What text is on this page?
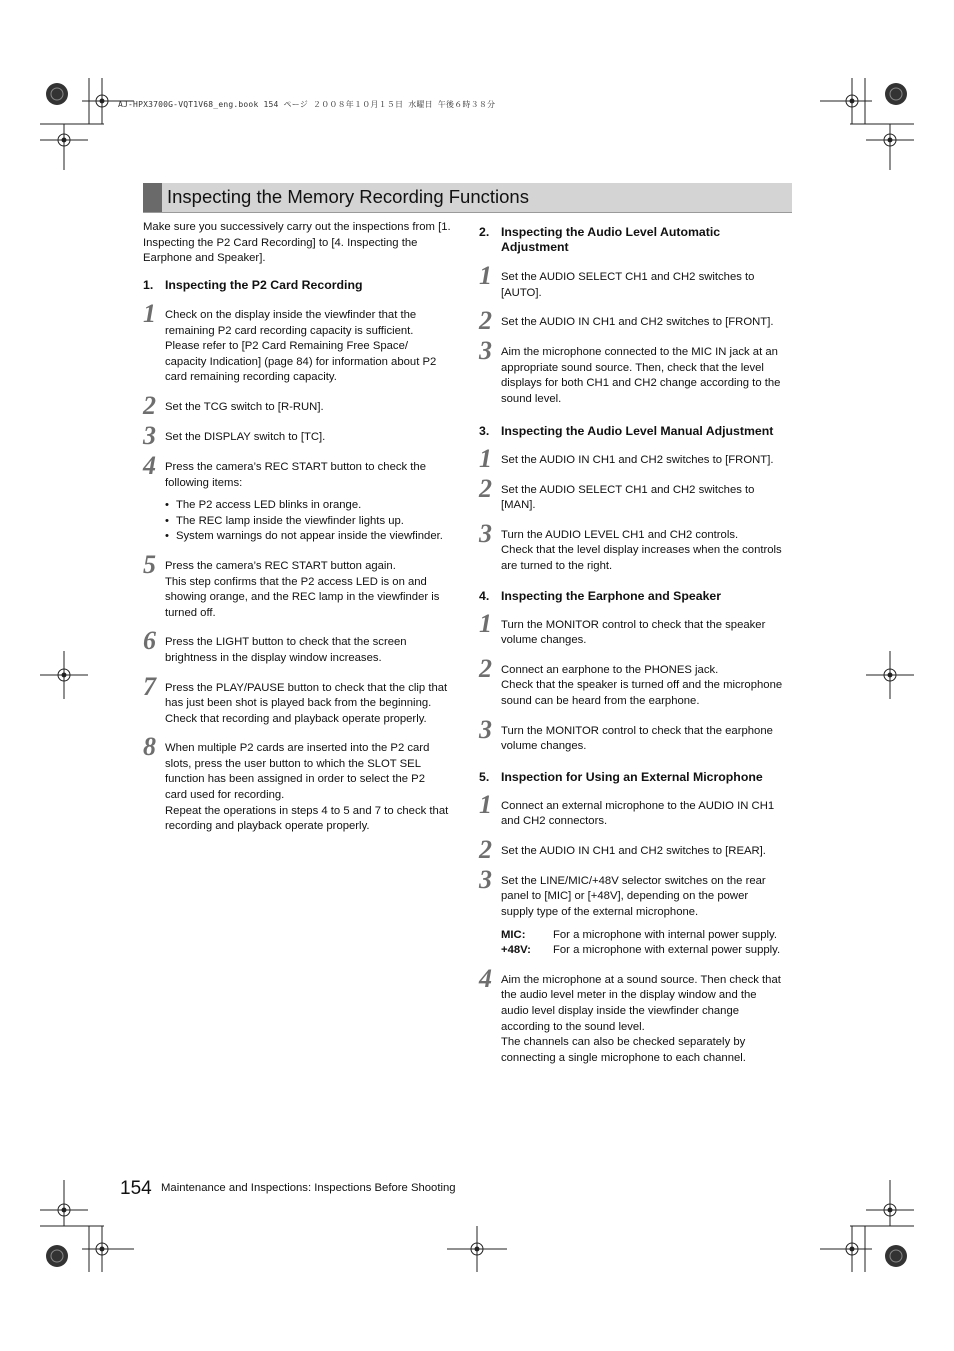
AJ-HPX3700G-VQT1V68_eng.book 154 ページ ２００８年１０月１５日 水曜日 午後６時３８分
Inspecting the Memory Recording Functions
Make sure you successively carry out the inspections from [1. Inspecting the P2 Card Recording] to [4. Inspecting the Earphone and Speaker].
1. Inspecting the P2 Card Recording
1 Check on the display inside the viewfinder that the
remaining P2 card recording capacity is sufficient.
Please refer to [P2 Card Remaining Free Space/
capacity Indication] (page 84) for information about P2
card remaining recording capacity.
2 Set the TCG switch to [R-RUN].
3 Set the DISPLAY switch to [TC].
4 Press the camera’s REC START button to check the
following items:
• The P2 access LED blinks in orange.
• The REC lamp inside the viewfinder lights up.
• System warnings do not appear inside the viewfinder.
5 Press the camera’s REC START button again.
This step confirms that the P2 access LED is on and
showing orange, and the REC lamp in the viewfinder is
turned off.
6 Press the LIGHT button to check that the screen
brightness in the display window increases.
7 Press the PLAY/PAUSE button to check that the clip that
has just been shot is played back from the beginning.
Check that recording and playback operate properly.
8 When multiple P2 cards are inserted into the P2 card
slots, press the user button to which the SLOT SEL
function has been assigned in order to select the P2
card used for recording.
Repeat the operations in steps 4 to 5 and 7 to check that
recording and playback operate properly.
2. Inspecting the Audio Level Automatic
Adjustment
1 Set the AUDIO SELECT CH1 and CH2 switches to
[AUTO].
2 Set the AUDIO IN CH1 and CH2 switches to [FRONT].
3 Aim the microphone connected to the MIC IN jack at an
appropriate sound source. Then, check that the level
displays for both CH1 and CH2 change according to the
sound level.
3. Inspecting the Audio Level Manual Adjustment
1 Set the AUDIO IN CH1 and CH2 switches to [FRONT].
2 Set the AUDIO SELECT CH1 and CH2 switches to
[MAN].
3 Turn the AUDIO LEVEL CH1 and CH2 controls.
Check that the level display increases when the controls
are turned to the right.
4. Inspecting the Earphone and Speaker
1 Turn the MONITOR control to check that the speaker
volume changes.
2 Connect an earphone to the PHONES jack.
Check that the speaker is turned off and the microphone
sound can be heard from the earphone.
3 Turn the MONITOR control to check that the earphone
volume changes.
5. Inspection for Using an External Microphone
1 Connect an external microphone to the AUDIO IN CH1
and CH2 connectors.
2 Set the AUDIO IN CH1 and CH2 switches to [REAR].
3 Set the LINE/MIC/+48V selector switches on the rear
panel to [MIC] or [+48V], depending on the power
supply type of the external microphone.
MIC:	For a microphone with internal power supply.
+48V:	For a microphone with external power supply.
4 Aim the microphone at a sound source. Then check that
the audio level meter in the display window and the
audio level display inside the viewfinder change
according to the sound level.
The channels can also be checked separately by
connecting a single microphone to each channel.
154 Maintenance and Inspections: Inspections Before Shooting
